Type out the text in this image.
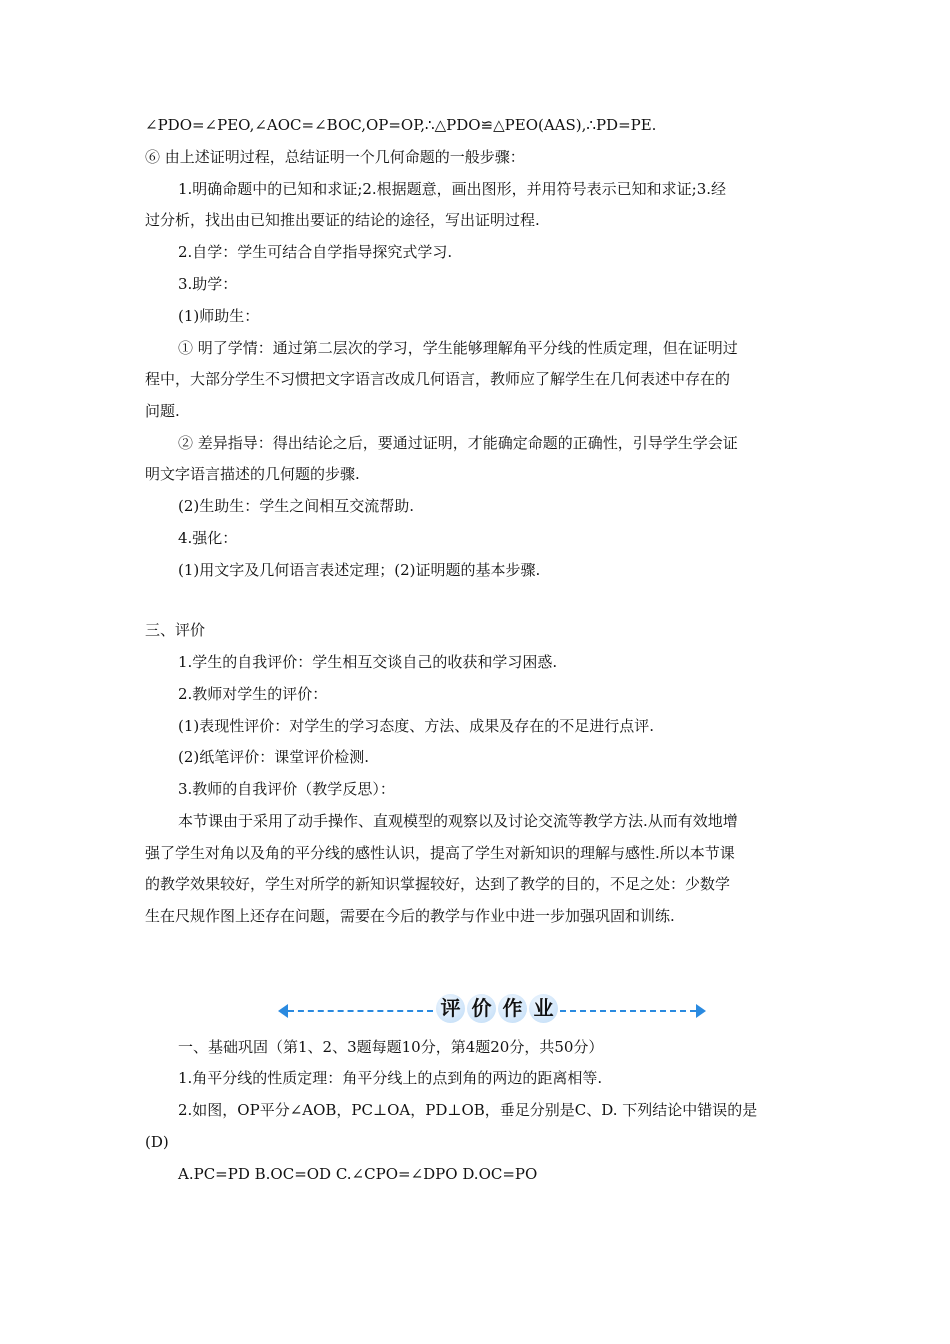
评 价 作 业
∠PDO=∠PEO,∠AOC=∠BOC,OP=OP,∴△PDO≌△PEO(AAS),∴PD=PE.
⑥ 由上述证明过程，总结证明一个几何命题的一般步骤：
1.明确命题中的已知和求证;2.根据题意，画出图形，并用符号表示已知和求证;3.经
过分析，找出由已知推出要证的结论的途径，写出证明过程.
2.自学：学生可结合自学指导探究式学习.
3.助学：
(1)师助生：
① 明了学情：通过第二层次的学习，学生能够理解角平分线的性质定理，但在证明过
程中，大部分学生不习惯把文字语言改成几何语言，教师应了解学生在几何表述中存在的
问题.
② 差异指导：得出结论之后，要通过证明，才能确定命题的正确性，引导学生学会证
明文字语言描述的几何题的步骤.
(2)生助生：学生之间相互交流帮助.
4.强化：
(1)用文字及几何语言表述定理；(2)证明题的基本步骤.
三、评价
1.学生的自我评价：学生相互交谈自己的收获和学习困惑.
2.教师对学生的评价：
(1)表现性评价：对学生的学习态度、方法、成果及存在的不足进行点评.
(2)纸笔评价：课堂评价检测.
3.教师的自我评价（教学反思）：
本节课由于采用了动手操作、直观模型的观察以及讨论交流等教学方法.从而有效地增
强了学生对角以及角的平分线的感性认识，提高了学生对新知识的理解与感性.所以本节课
的教学效果较好，学生对所学的新知识掌握较好，达到了教学的目的，不足之处：少数学
生在尺规作图上还存在问题，需要在今后的教学与作业中进一步加强巩固和训练.
一、基础巩固（第1、2、3题每题10分，第4题20分，共50分）
1.角平分线的性质定理：角平分线上的点到角的两边的距离相等.
2.如图，OP平分∠AOB，PC⊥OA，PD⊥OB，垂足分别是C、D. 下列结论中错误的是
(D)
A.PC=PD B.OC=OD C.∠CPO=∠DPO D.OC=PO
